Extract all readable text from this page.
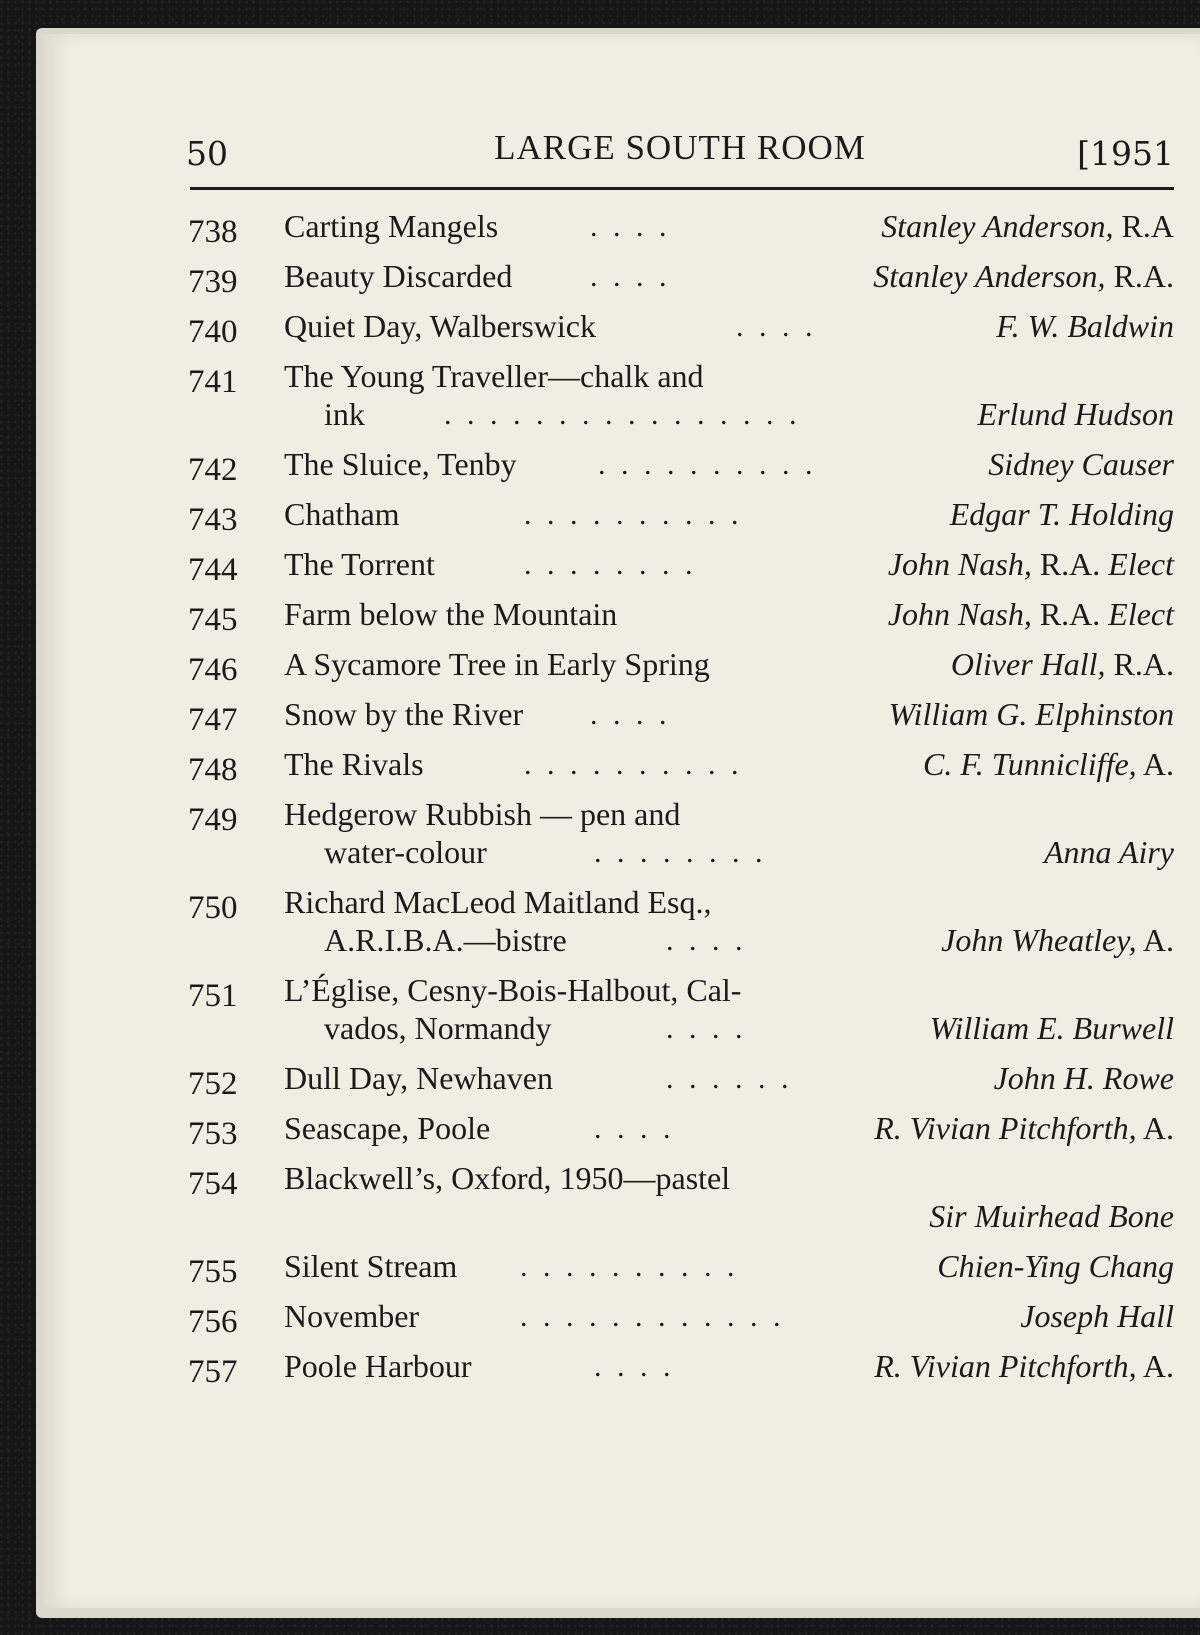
50	LARGE SOUTH ROOM	[1951
738 Carting Mangels	. . . .	Stanley Anderson, R.A
739 Beauty Discarded	. . . .	Stanley Anderson, R.A.
740 Quiet Day, Walberswick	. . . .	F. W. Baldwin
741 The Young Traveller—chalk and
ink	. . . . . . . . . . . . . . . .	Erlund Hudson
742 The Sluice, Tenby	. . . . . . . . . .	Sidney Causer
743 Chatham	. . . . . . . . . .	Edgar T. Holding
744 The Torrent	. . . . . . . .	John Nash, R.A. Elect
745 Farm below the Mountain	John Nash, R.A. Elect
746 A Sycamore Tree in Early Spring	Oliver Hall, R.A.
747 Snow by the River . . . .	William G. Elphinston
748 The Rivals	. . . . . . . . . .	C. F. Tunnicliffe, A.
749 Hedgerow Rubbish — pen and
water-colour	. . . . . . . .	Anna Airy
750 Richard MacLeod Maitland Esq.,
A.R.I.B.A.—bistre	. . . .	John Wheatley, A.
751 L’Église, Cesny-Bois-Halbout, Cal-
vados, Normandy	. . . .	William E. Burwell
752 Dull Day, Newhaven	. . . . . .	John H. Rowe
753 Seascape, Poole	. . . .	R. Vivian Pitchforth, A.
754 Blackwell’s, Oxford, 1950—pastel
Sir Muirhead Bone
755 Silent Stream . . . . . . . . . .	Chien-Ying Chang
756 November	. . . . . . . . . . . .	Joseph Hall
757 Poole Harbour	. . . .	R. Vivian Pitchforth, A.
